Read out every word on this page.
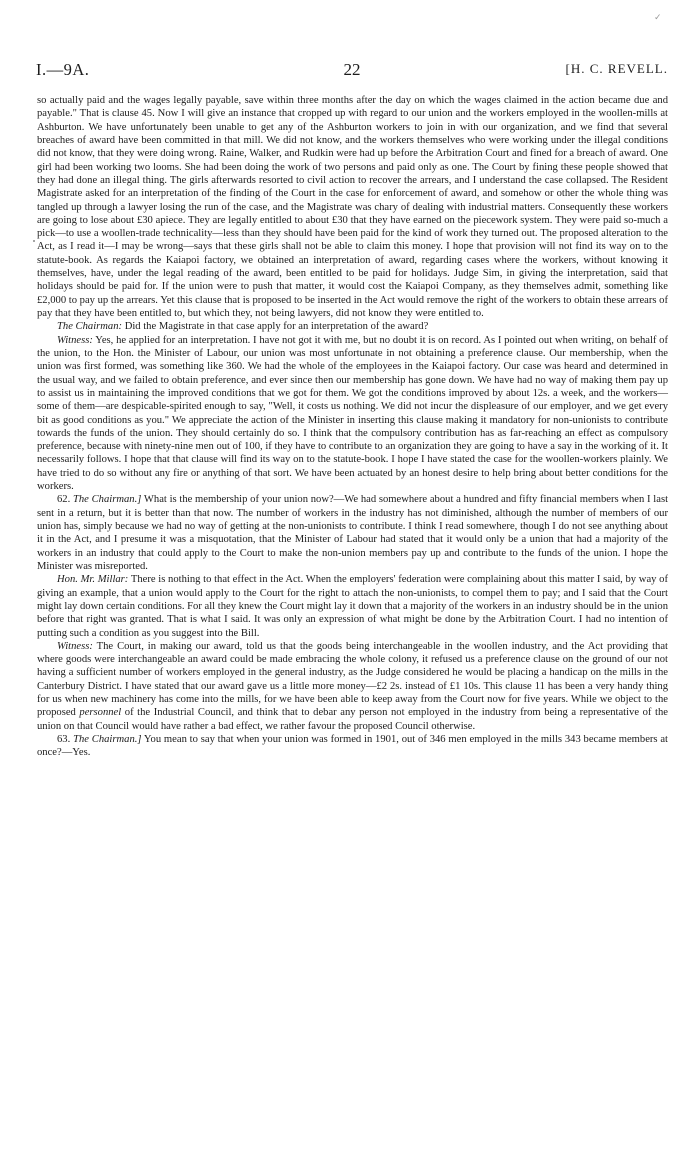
✓
I.—9A.	22	[H. C. REVELL.

so actually paid and the wages legally payable, save within three months after the day on which the wages claimed in the action became due and payable." That is clause 45. Now I will give an instance that cropped up with regard to our union and the workers employed in the woollen-mills at Ashburton. We have unfortunately been unable to get any of the Ashburton workers to join in with our organization, and we find that several breaches of award have been committed in that mill. We did not know, and the workers themselves who were working under the illegal conditions did not know, that they were doing wrong. Raine, Walker, and Rudkin were had up before the Arbitration Court and fined for a breach of award. One girl had been working two looms. She had been doing the work of two persons and paid only as one. The Court by fining these people showed that they had done an illegal thing. The girls afterwards resorted to civil action to recover the arrears, and I understand the case collapsed. The Resident Magistrate asked for an interpretation of the finding of the Court in the case for enforcement of award, and somehow or other the whole thing was tangled up through a lawyer losing the run of the case, and the Magistrate was chary of dealing with industrial matters. Consequently these workers are going to lose about £30 apiece. They are legally entitled to about £30 that they have earned on the piecework system. They were paid so-much a pick—to use a woollen-trade technicality—less than they should have been paid for the kind of work they turned out. The proposed alteration to the Act, as I read it—I may be wrong—says that these girls shall not be able to claim this money. I hope that provision will not find its way on to the statute-book. As regards the Kaiapoi factory, we obtained an interpretation of award, regarding cases where the workers, without knowing it themselves, have, under the legal reading of the award, been entitled to be paid for holidays. Judge Sim, in giving the interpretation, said that holidays should be paid for. If the union were to push that matter, it would cost the Kaiapoi Company, as they themselves admit, something like £2,000 to pay up the arrears. Yet this clause that is proposed to be inserted in the Act would remove the right of the workers to obtain these arrears of pay that they have been entitled to, but which they, not being lawyers, did not know they were entitled to.

The Chairman: Did the Magistrate in that case apply for an interpretation of the award?

Witness: Yes, he applied for an interpretation. I have not got it with me, but no doubt it is on record. As I pointed out when writing, on behalf of the union, to the Hon. the Minister of Labour, our union was most unfortunate in not obtaining a preference clause. Our membership, when the union was first formed, was something like 360. We had the whole of the employees in the Kaiapoi factory. Our case was heard and determined in the usual way, and we failed to obtain preference, and ever since then our membership has gone down. We have had no way of making them pay up to assist us in maintaining the improved conditions that we got for them. We got the conditions improved by about 12s. a week, and the workers—some of them—are despicable-spirited enough to say, "Well, it costs us nothing. We did not incur the displeasure of our employer, and we get every bit as good conditions as you." We appreciate the action of the Minister in inserting this clause making it mandatory for non-unionists to contribute towards the funds of the union. They should certainly do so. I think that the compulsory contribution has as far-reaching an effect as compulsory preference, because with ninety-nine men out of 100, if they have to contribute to an organization they are going to have a say in the working of it. It necessarily follows. I hope that that clause will find its way on to the statute-book. I hope I have stated the case for the woollen-workers plainly. We have tried to do so without any fire or anything of that sort. We have been actuated by an honest desire to help bring about better conditions for the workers.

62. The Chairman.] What is the membership of your union now?—We had somewhere about a hundred and fifty financial members when I last sent in a return, but it is better than that now. The number of workers in the industry has not diminished, although the number of members of our union has, simply because we had no way of getting at the non-unionists to contribute. I think I read somewhere, though I do not see anything about it in the Act, and I presume it was a misquotation, that the Minister of Labour had stated that it would only be a union that had a majority of the workers in an industry that could apply to the Court to make the non-union members pay up and contribute to the funds of the union. I hope the Minister was misreported.

Hon. Mr. Millar: There is nothing to that effect in the Act. When the employers' federation were complaining about this matter I said, by way of giving an example, that a union would apply to the Court for the right to attach the non-unionists, to compel them to pay; and I said that the Court might lay down certain conditions. For all they knew the Court might lay it down that a majority of the workers in an industry should be in the union before that right was granted. That is what I said. It was only an expression of what might be done by the Arbitration Court. I had no intention of putting such a condition as you suggest into the Bill.

Witness: The Court, in making our award, told us that the goods being interchangeable in the woollen industry, and the Act providing that where goods were interchangeable an award could be made embracing the whole colony, it refused us a preference clause on the ground of our not having a sufficient number of workers employed in the general industry, as the Judge considered he would be placing a handicap on the mills in the Canterbury District. I have stated that our award gave us a little more money—£2 2s. instead of £1 10s. This clause 11 has been a very handy thing for us when new machinery has come into the mills, for we have been able to keep away from the Court now for five years. While we object to the proposed personnel of the Industrial Council, and think that to debar any person not employed in the industry from being a representative of the union on that Council would have rather a bad effect, we rather favour the proposed Council otherwise.

63. The Chairman.] You mean to say that when your union was formed in 1901, out of 346 men employed in the mills 343 became members at once?—Yes.
